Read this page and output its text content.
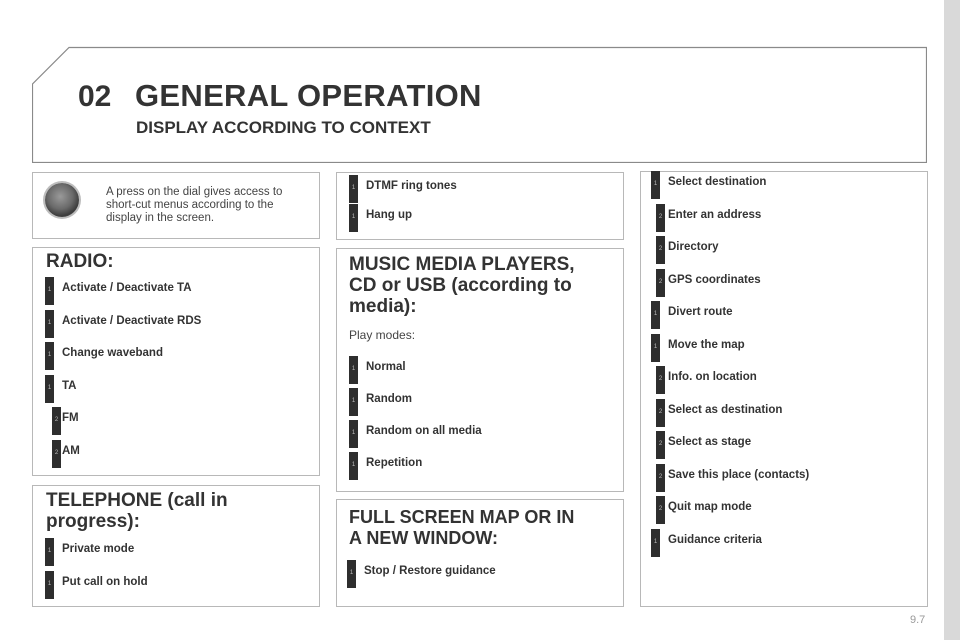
02 GENERAL OPERATION
DISPLAY ACCORDING TO CONTEXT
A press on the dial gives access to short-cut menus according to the display in the screen.
RADIO:
1 Activate / Deactivate TA
1 Activate / Deactivate RDS
1 Change waveband
1 TA
2 FM
2 AM
TELEPHONE (call in progress):
1 Private mode
1 Put call on hold
1 DTMF ring tones
1 Hang up
MUSIC MEDIA PLAYERS, CD or USB (according to media):
Play modes:
1 Normal
1 Random
1 Random on all media
1 Repetition
FULL SCREEN MAP OR IN A NEW WINDOW:
1 Stop / Restore guidance
1 Select destination
2 Enter an address
2 Directory
2 GPS coordinates
1 Divert route
1 Move the map
2 Info. on location
2 Select as destination
2 Select as stage
2 Save this place (contacts)
2 Quit map mode
1 Guidance criteria
9.7
